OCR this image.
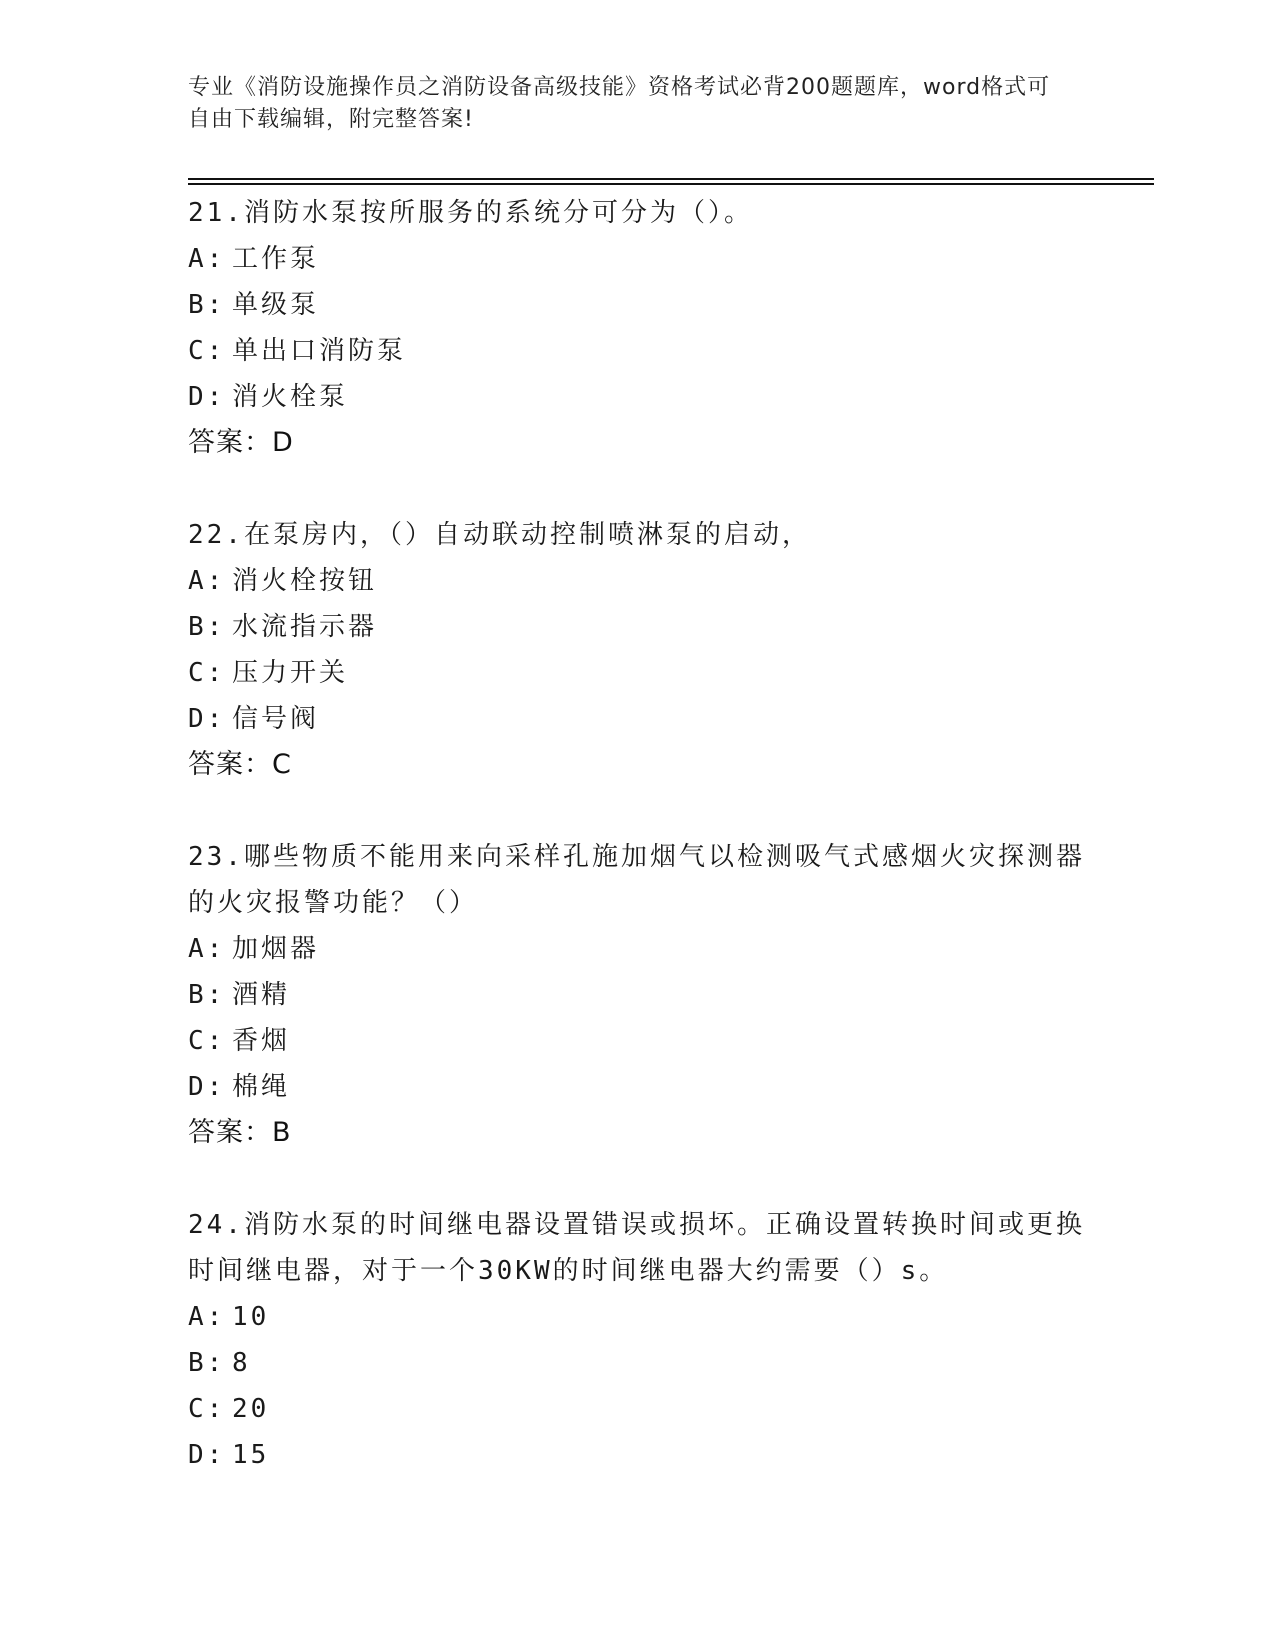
专业《消防设施操作员之消防设备高级技能》资格考试必背200题题库，word格式可自由下载编辑，附完整答案!
21.消防水泵按所服务的系统分可分为（）。
A: 工作泵
B: 单级泵
C: 单出口消防泵
D: 消火栓泵
答案：D
22.在泵房内，（）自动联动控制喷淋泵的启动，
A: 消火栓按钮
B: 水流指示器
C: 压力开关
D: 信号阀
答案：C
23.哪些物质不能用来向采样孔施加烟气以检测吸气式感烟火灾探测器的火灾报警功能？（）
A: 加烟器
B: 酒精
C: 香烟
D: 棉绳
答案：B
24.消防水泵的时间继电器设置错误或损坏。正确设置转换时间或更换时间继电器，对于一个30KW的时间继电器大约需要（）s。
A: 10
B: 8
C: 20
D: 15
